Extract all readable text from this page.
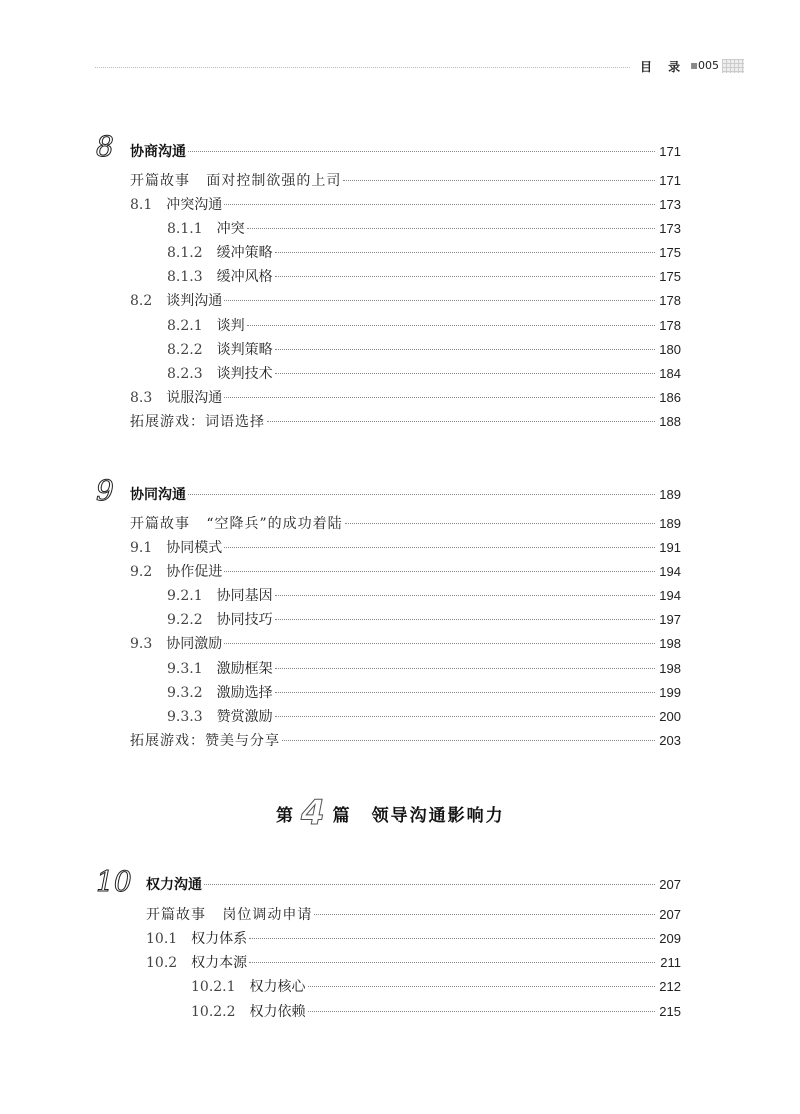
目 录 ▪ 005
8 协商沟通	171
开篇故事 面对控制欲强的上司	171
8.1 冲突沟通	173
8.1.1 冲突	173
8.1.2 缓冲策略	175
8.1.3 缓冲风格	175
8.2 谈判沟通	178
8.2.1 谈判	178
8.2.2 谈判策略	180
8.2.3 谈判技术	184
8.3 说服沟通	186
拓展游戏：词语选择	188
9 协同沟通	189
开篇故事 “空降兵”的成功着陆	189
9.1 协同模式	191
9.2 协作促进	194
9.2.1 协同基因	194
9.2.2 协同技巧	197
9.3 协同激励	198
9.3.1 激励框架	198
9.3.2 激励选择	199
9.3.3 赞赏激励	200
拓展游戏：赞美与分享	203
第 4 篇 领导沟通影响力
10 权力沟通	207
开篇故事 岗位调动申请	207
10.1 权力体系	209
10.2 权力本源	211
10.2.1 权力核心	212
10.2.2 权力依赖	215
